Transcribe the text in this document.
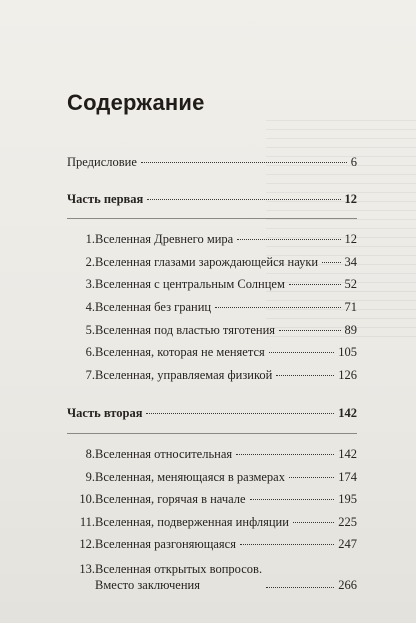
Содержание
Предисловие	6
Часть первая	12
1. Вселенная Древнего мира	12
2. Вселенная глазами зарождающейся науки 34
3. Вселенная с центральным Солнцем	52
4. Вселенная без границ	71
5. Вселенная под властью тяготения	89
6. Вселенная, которая не меняется	105
7. Вселенная, управляемая физикой	126
Часть вторая	142
8. Вселенная относительная	142
9. Вселенная, меняющаяся в размерах	174
10. Вселенная, горячая в начале	195
11. Вселенная, подверженная инфляции	225
12. Вселенная разгоняющаяся	247
13. Вселенная открытых вопросов.
Вместо заключения	266
